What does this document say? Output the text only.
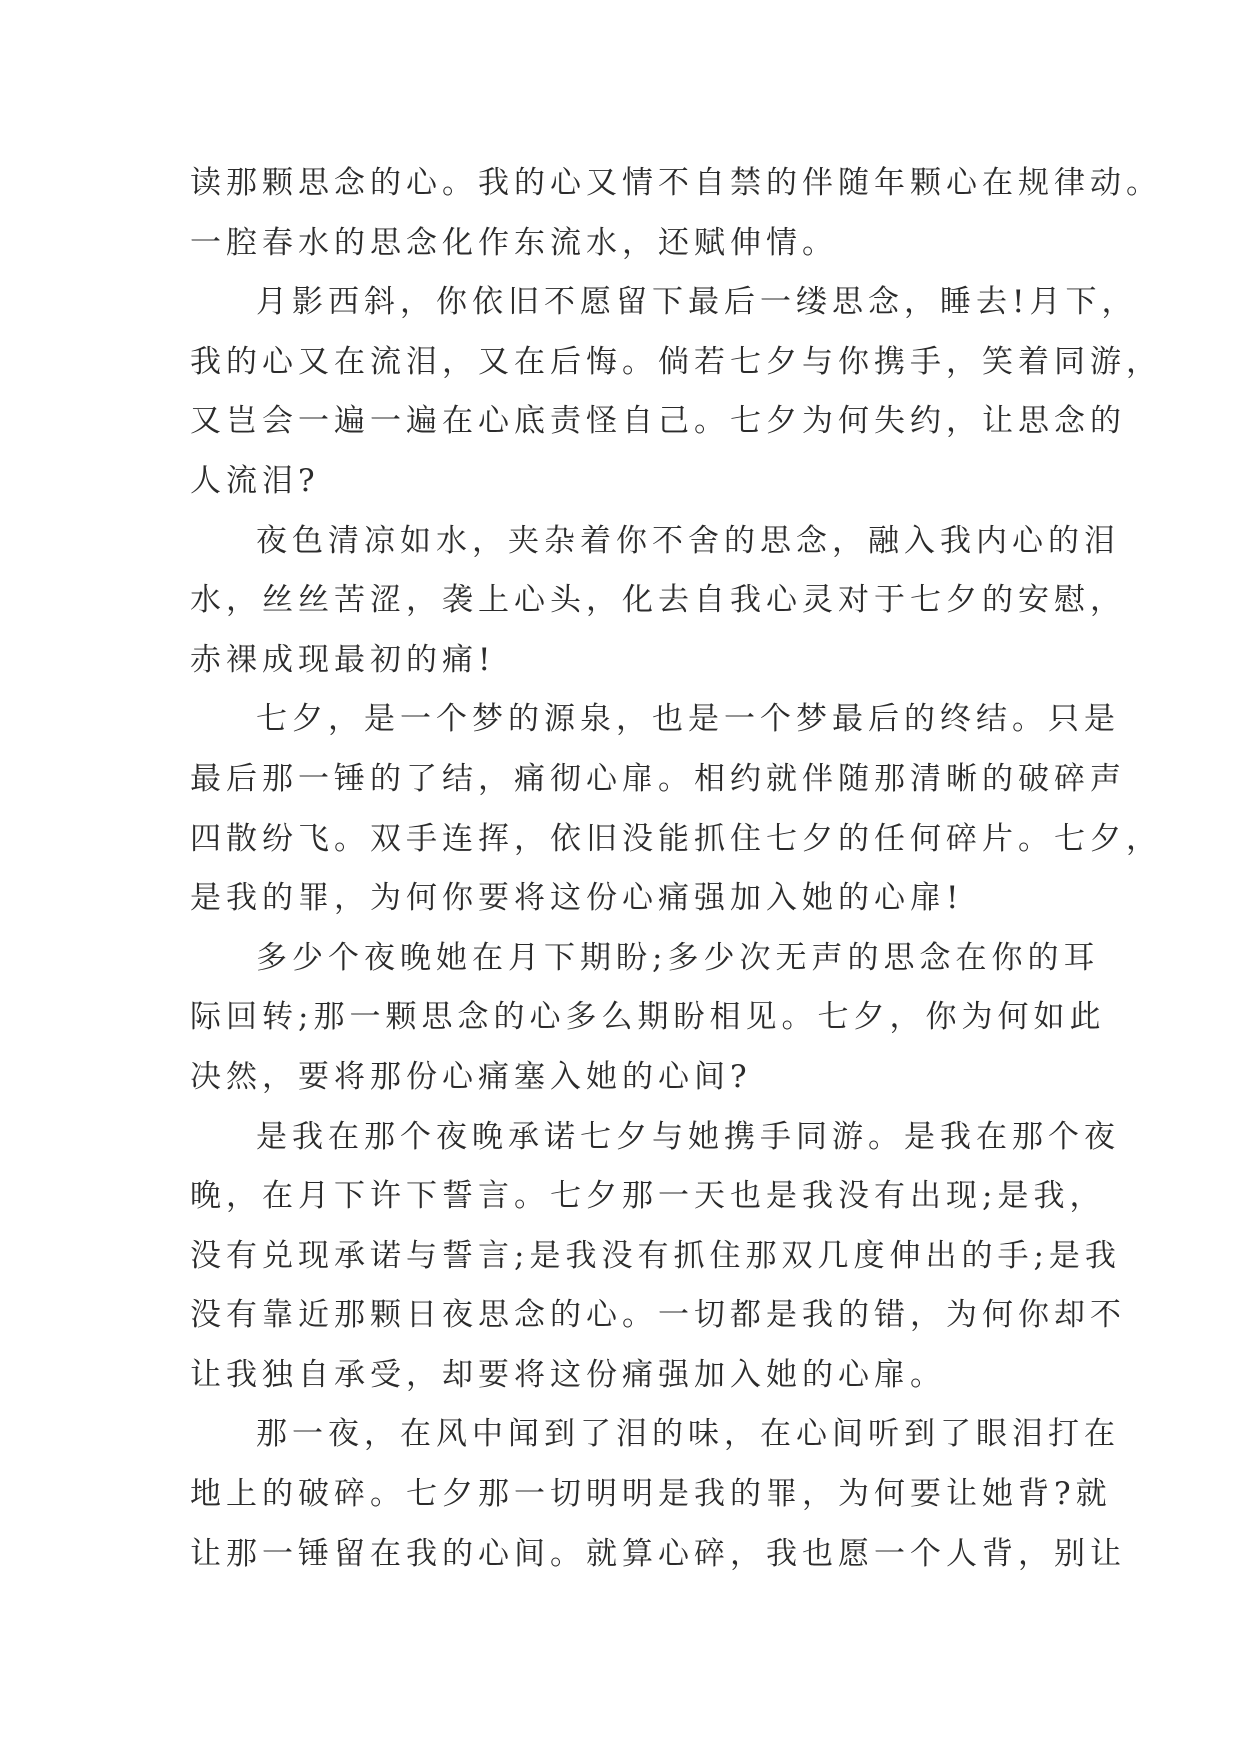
读那颗思念的心。我的心又情不自禁的伴随年颗心在规律动。
一腔春水的思念化作东流水，还赋伸情。
月影西斜，你依旧不愿留下最后一缕思念，睡去!月下，
我的心又在流泪，又在后悔。倘若七夕与你携手，笑着同游，
又岂会一遍一遍在心底责怪自己。七夕为何失约，让思念的
人流泪?
夜色清凉如水，夹杂着你不舍的思念，融入我内心的泪
水，丝丝苦涩，袭上心头，化去自我心灵对于七夕的安慰，
赤裸成现最初的痛!
七夕，是一个梦的源泉，也是一个梦最后的终结。只是
最后那一锤的了结，痛彻心扉。相约就伴随那清晰的破碎声
四散纷飞。双手连挥，依旧没能抓住七夕的任何碎片。七夕，
是我的罪，为何你要将这份心痛强加入她的心扉!
多少个夜晚她在月下期盼;多少次无声的思念在你的耳
际回转;那一颗思念的心多么期盼相见。七夕，你为何如此
决然，要将那份心痛塞入她的心间?
是我在那个夜晚承诺七夕与她携手同游。是我在那个夜
晚，在月下许下誓言。七夕那一天也是我没有出现;是我，
没有兑现承诺与誓言;是我没有抓住那双几度伸出的手;是我
没有靠近那颗日夜思念的心。一切都是我的错，为何你却不
让我独自承受，却要将这份痛强加入她的心扉。
那一夜，在风中闻到了泪的味，在心间听到了眼泪打在
地上的破碎。七夕那一切明明是我的罪，为何要让她背?就
让那一锤留在我的心间。就算心碎，我也愿一个人背，别让
